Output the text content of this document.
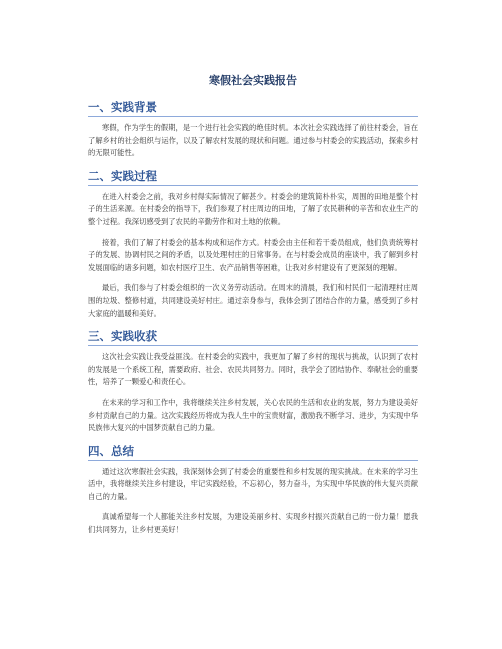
寒假社会实践报告
一、实践背景

寒假，作为学生的假期，是一个进行社会实践的绝佳时机。本次社会实践选择了前往村委会，旨在了解乡村的社会组织与运作，以及了解农村发展的现状和问题。通过参与村委会的实践活动，探索乡村的无限可能性。

二、实践过程

在进入村委会之前，我对乡村得实际情况了解甚少。村委会的建筑简朴朴实，周围的田地是整个村子的生活来源。在村委会的指导下，我们参观了村庄周边的田地，了解了农民耕种的辛苦和农业生产的整个过程。我深切感受到了农民的辛勤劳作和对土地的依赖。

接着，我们了解了村委会的基本构成和运作方式。村委会由主任和若干委员组成，他们负责统筹村子的发展、协调村民之间的矛盾，以及处理村庄的日常事务。在与村委会成员的座谈中，我了解到乡村发展面临的诸多问题，如农村医疗卫生、农产品销售等困难，让我对乡村建设有了更深刻的理解。

最后，我们参与了村委会组织的一次义务劳动活动。在周末的清晨，我们和村民们一起清理村庄周围的垃圾、整修村道，共同建设美好村庄。通过亲身参与，我体会到了团结合作的力量，感受到了乡村大家庭的温暖和美好。

三、实践收获

这次社会实践让我受益匪浅。在村委会的实践中，我更加了解了乡村的现状与挑战，认识到了农村的发展是一个系统工程，需要政府、社会、农民共同努力。同时，我学会了团结协作、奉献社会的重要性，培养了一颗爱心和责任心。

在未来的学习和工作中，我将继续关注乡村发展，关心农民的生活和农业的发展，努力为建设美好乡村贡献自己的力量。这次实践经历将成为我人生中的宝贵财富，激励我不断学习、进步，为实现中华民族伟大复兴的中国梦贡献自己的力量。

四、总结

通过这次寒假社会实践，我深刻体会到了村委会的重要性和乡村发展的现实挑战。在未来的学习生活中，我将继续关注乡村建设，牢记实践经验，不忘初心，努力奋斗，为实现中华民族的伟大复兴贡献自己的力量。

真诚希望每一个人都能关注乡村发展，为建设美丽乡村、实现乡村振兴贡献自己的一份力量！愿我们共同努力，让乡村更美好！
